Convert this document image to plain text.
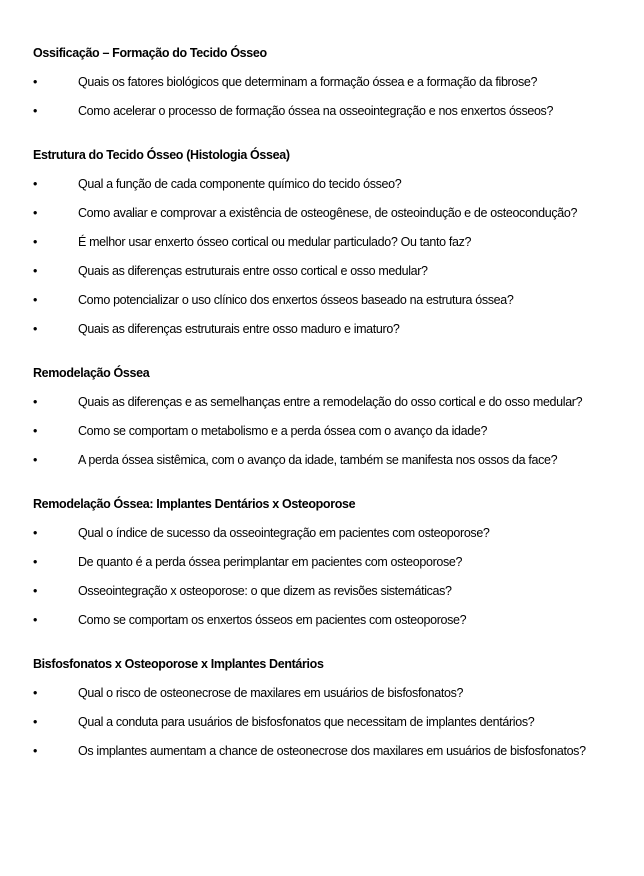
Ossificação – Formação do Tecido Ósseo
•	Quais os fatores biológicos que determinam a formação óssea e a formação da fibrose?
•	Como acelerar o processo de formação óssea na osseointegração e nos enxertos ósseos?
Estrutura do Tecido Ósseo (Histologia Óssea)
•	Qual a função de cada componente químico do tecido ósseo?
•	Como avaliar e comprovar a existência de osteogênese, de osteoindução e de osteocondução?
•	É melhor usar enxerto ósseo cortical ou medular particulado? Ou tanto faz?
•	Quais as diferenças estruturais entre osso cortical e osso medular?
•	Como potencializar o uso clínico dos enxertos ósseos baseado na estrutura óssea?
•	Quais as diferenças estruturais entre osso maduro e imaturo?
Remodelação Óssea
•	Quais as diferenças e as semelhanças entre a remodelação do osso cortical e do osso medular?
•	Como se comportam o metabolismo e a perda óssea com o avanço da idade?
•	A perda óssea sistêmica, com o avanço da idade, também se manifesta nos ossos da face?
Remodelação Óssea: Implantes Dentários x Osteoporose
•	Qual o índice de sucesso da osseointegração em pacientes com osteoporose?
•	De quanto é a perda óssea perimplantar em pacientes com osteoporose?
•	Osseointegração x osteoporose: o que dizem as revisões sistemáticas?
•	Como se comportam os enxertos ósseos em pacientes com osteoporose?
Bisfosfonatos x Osteoporose x Implantes Dentários
•	Qual o risco de osteonecrose de maxilares em usuários de bisfosfonatos?
•	Qual a conduta para usuários de bisfosfonatos que necessitam de implantes dentários?
•	Os implantes aumentam a chance de osteonecrose dos maxilares em usuários de bisfosfonatos?
